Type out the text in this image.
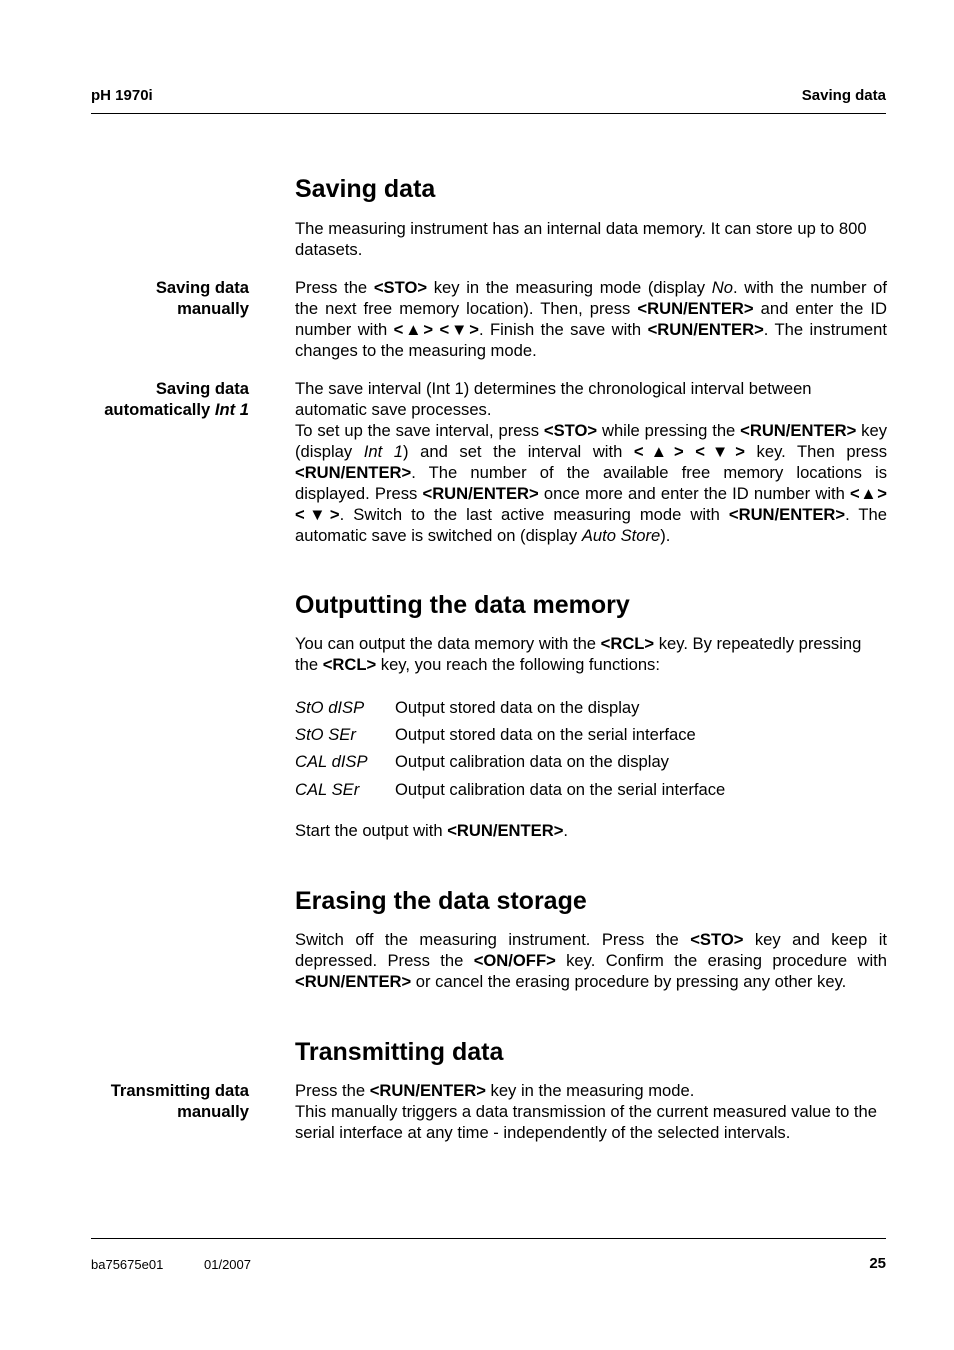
pH 1970i	Saving data
Saving data

The measuring instrument has an internal data memory. It can store up to 800 datasets.

Saving data
manually

Press the <STO> key in the measuring mode (display No. with the number of the next free memory location). Then, press <RUN/ENTER> and enter the ID number with <▲> <▼>. Finish the save with <RUN/ENTER>. The instrument changes to the measuring mode.

Saving data
automatically Int 1
The save interval (Int 1) determines the chronological interval between automatic save processes.
To set up the save interval, press <STO> while pressing the <RUN/ENTER> key (display Int 1) and set the interval with <▲> <▼> key. Then press <RUN/ENTER>. The number of the available free memory locations is displayed. Press <RUN/ENTER> once more and enter the ID number with <▲> <▼>. Switch to the last active measuring mode with <RUN/ENTER>. The automatic save is switched on (display Auto Store).
Outputting the data memory

You can output the data memory with the <RCL> key. By repeatedly pressing the <RCL> key, you reach the following functions:

StO dISP Output stored data on the display
StO SEr Output stored data on the serial interface
CAL dISP Output calibration data on the display
CAL SEr Output calibration data on the serial interface

Start the output with <RUN/ENTER>.

Erasing the data storage

Switch off the measuring instrument. Press the <STO> key and keep it depressed. Press the <ON/OFF> key. Confirm the erasing procedure with <RUN/ENTER> or cancel the erasing procedure by pressing any other key.

Transmitting data
Transmitting data
manually
Press the <RUN/ENTER> key in the measuring mode.
This manually triggers a data transmission of the current measured value to the serial interface at any time - independently of the selected intervals.
ba75675e01	01/2007	25
